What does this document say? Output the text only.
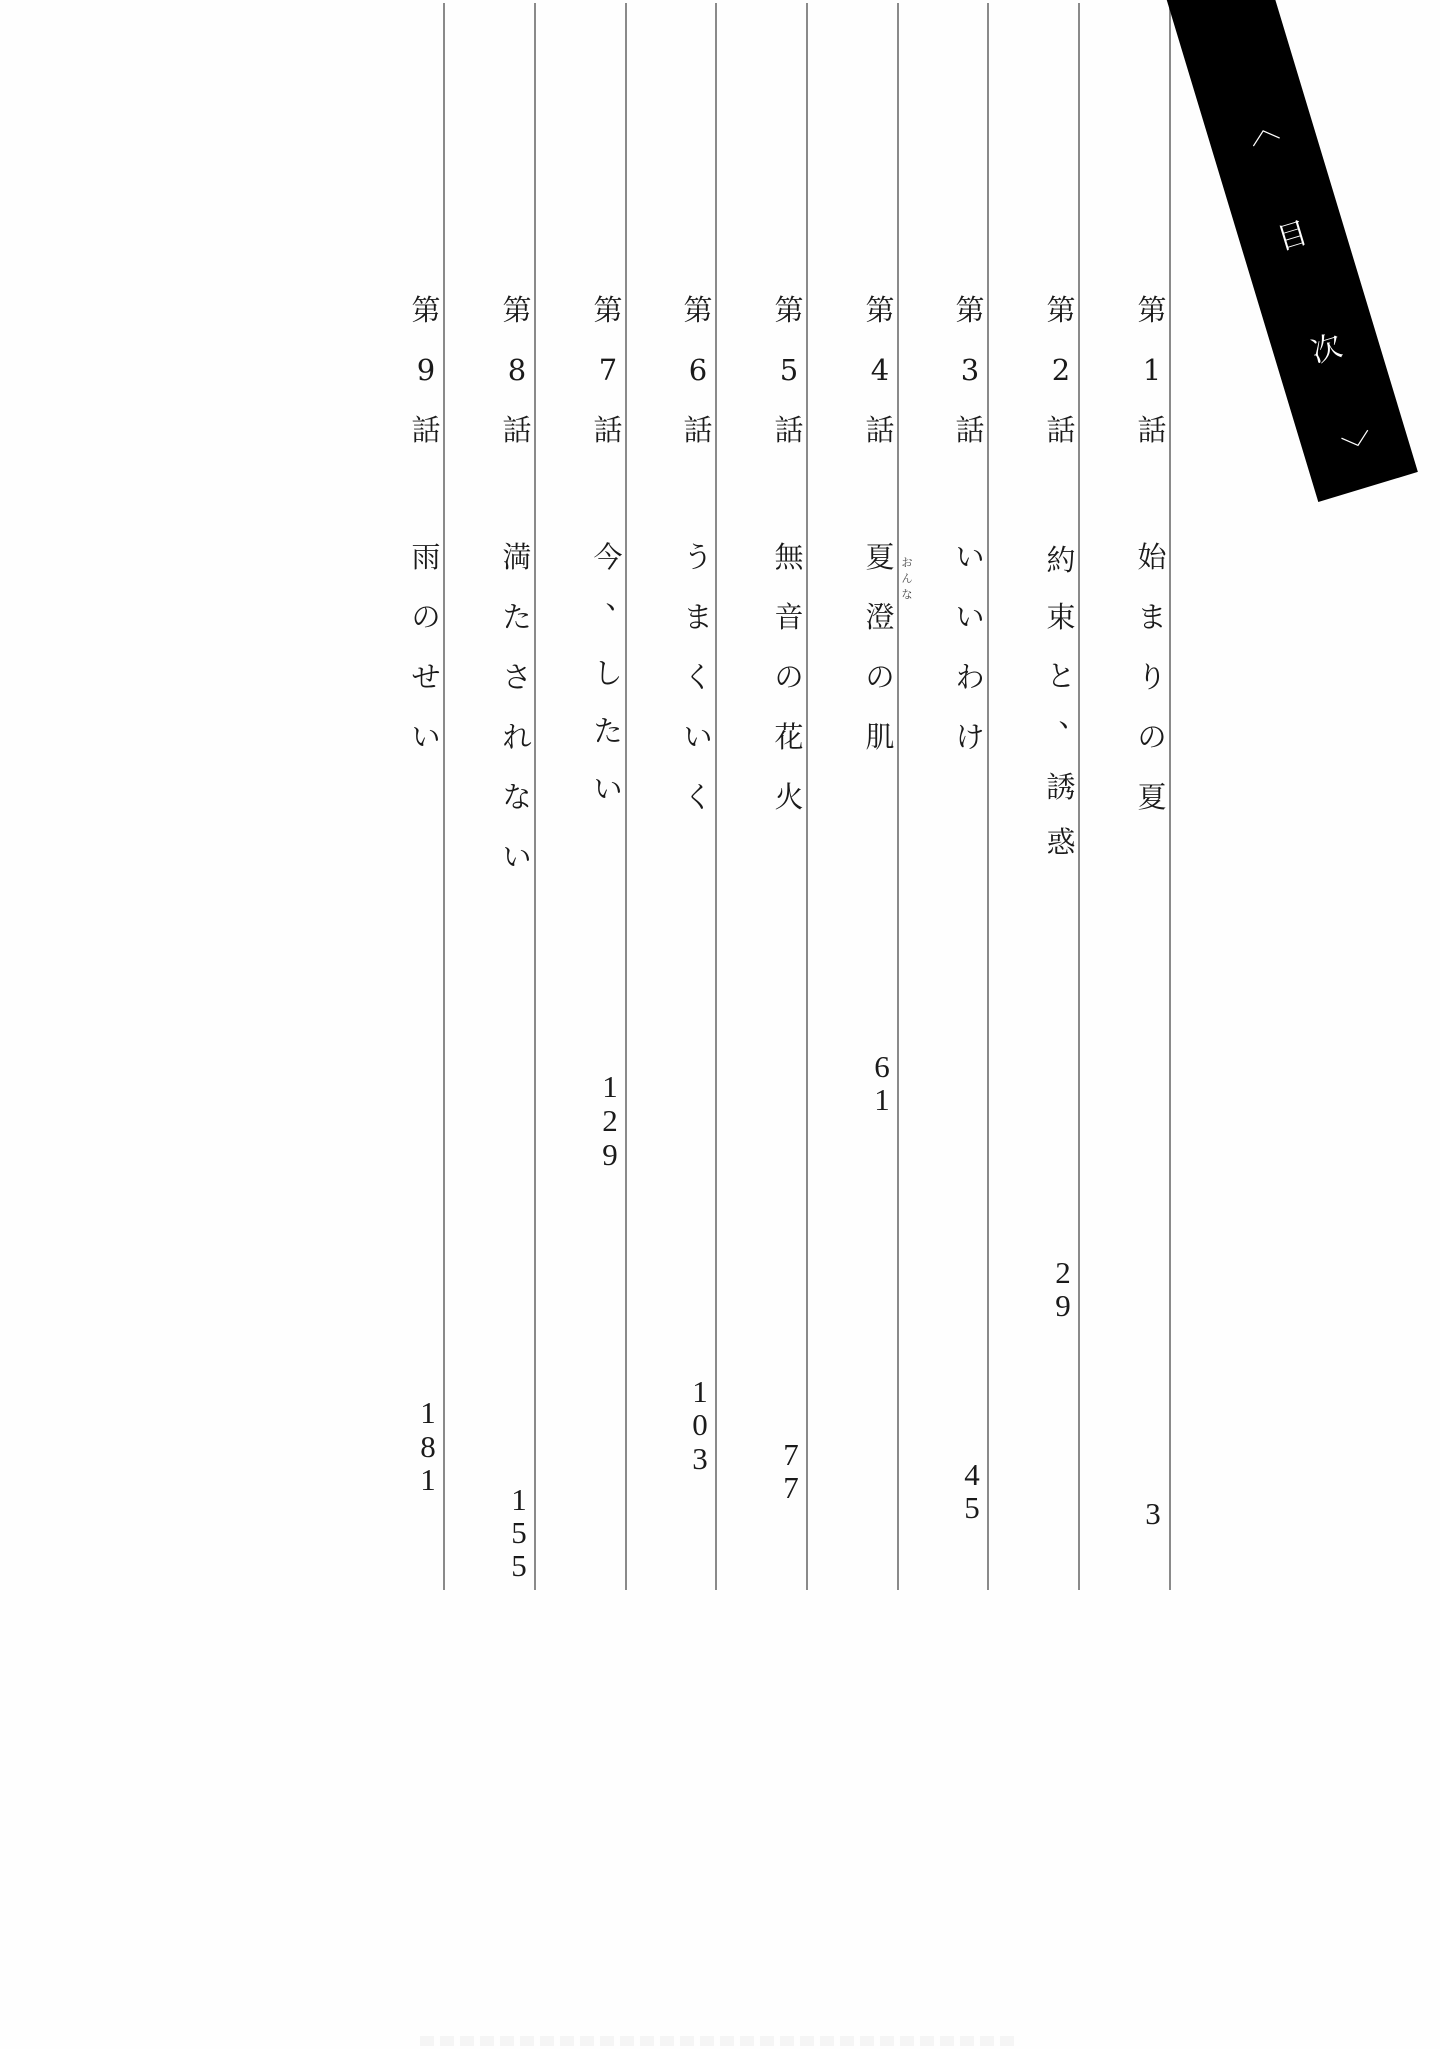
第
1
話
始
ま
り
の
夏
3
第
2
話
約
束
と
、
誘
惑
2
9
第
3
話
い
い
わ
け
4
5
第
4
話
夏
澄
の
肌
お
ん
な
6
1
第
5
話
無
音
の
花
火
7
7
第
6
話
う
ま
く
い
く
1
0
3
第
7
話
今
、
し
た
い
1
2
9
第
8
話
満
た
さ
れ
な
い
1
5
5
第
9
話
雨
の
せ
い
1
8
1
〈
目
次
〉
